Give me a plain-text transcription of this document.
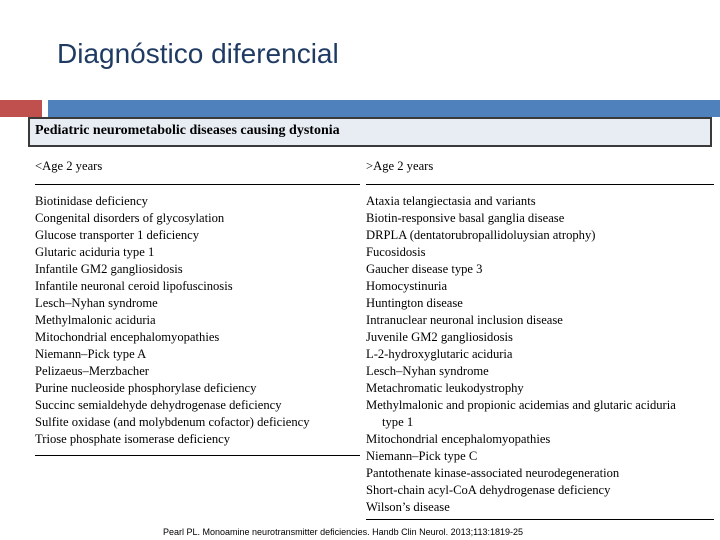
Diagnóstico diferencial
Pediatric neurometabolic diseases causing dystonia
<Age 2 years
Biotinidase deficiency
Congenital disorders of glycosylation
Glucose transporter 1 deficiency
Glutaric aciduria type 1
Infantile GM2 gangliosidosis
Infantile neuronal ceroid lipofuscinosis
Lesch–Nyhan syndrome
Methylmalonic aciduria
Mitochondrial encephalomyopathies
Niemann–Pick type A
Pelizaeus–Merzbacher
Purine nucleoside phosphorylase deficiency
Succinc semialdehyde dehydrogenase deficiency
Sulfite oxidase (and molybdenum cofactor) deficiency
Triose phosphate isomerase deficiency
>Age 2 years
Ataxia telangiectasia and variants
Biotin-responsive basal ganglia disease
DRPLA (dentatorubropallidoluysian atrophy)
Fucosidosis
Gaucher disease type 3
Homocystinuria
Huntington disease
Intranuclear neuronal inclusion disease
Juvenile GM2 gangliosidosis
L-2-hydroxyglutaric aciduria
Lesch–Nyhan syndrome
Metachromatic leukodystrophy
Methylmalonic and propionic acidemias and glutaric aciduria
type 1
Mitochondrial encephalomyopathies
Niemann–Pick type C
Pantothenate kinase-associated neurodegeneration
Short-chain acyl-CoA dehydrogenase deficiency
Wilson’s disease
Pearl PL. Monoamine neurotransmitter deficiencies. Handb Clin Neurol. 2013;113:1819-25
